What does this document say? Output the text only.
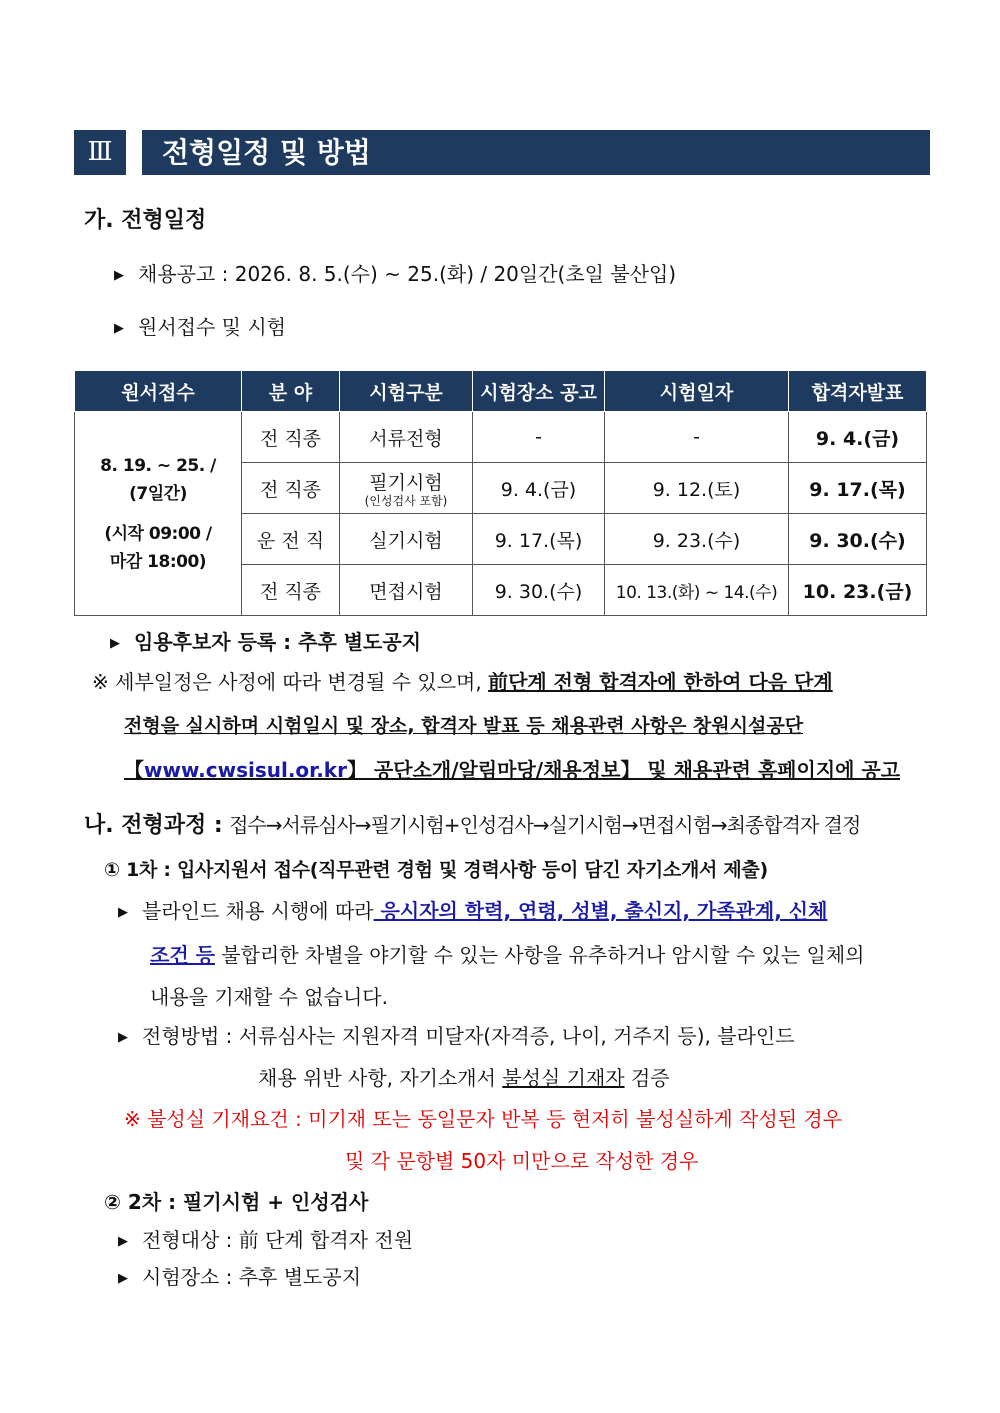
Ⅲ	전형일정 및 방법
가. 전형일정
▶ 채용공고 : 2026. 8. 5.(수) ~ 25.(화) / 20일간(초일 불산입)
▶ 원서접수 및 시험
원서접수	분 야	시험구분	시험장소 공고	시험일자	합격자발표

8. 19. ~ 25. /
(7일간)
(시작 09:00 /
마감 18:00)	전 직종	서류전형	-	-	9. 4.(금)
	전 직종	필기시험
(인성검사 포함)	9. 4.(금)	9. 12.(토)	9. 17.(목)
	운 전 직	실기시험	9. 17.(목)	9. 23.(수)	9. 30.(수)
	전 직종	면접시험	9. 30.(수)	10. 13.(화) ~ 14.(수)	10. 23.(금)
▶ 임용후보자 등록 : 추후 별도공지
※ 세부일정은 사정에 따라 변경될 수 있으며, 前단계 전형 합격자에 한하여 다음 단계
전형을 실시하며 시험일시 및 장소, 합격자 발표 등 채용관련 사항은 창원시설공단
【www.cwsisul.or.kr】 공단소개/알림마당/채용정보】 및 채용관련 홈페이지에 공고
나. 전형과정 : 접수→서류심사→필기시험+인성검사→실기시험→면접시험→최종합격자 결정
① 1차 : 입사지원서 접수(직무관련 경험 및 경력사항 등이 담긴 자기소개서 제출)
▶ 블라인드 채용 시행에 따라 응시자의 학력, 연령, 성별, 출신지, 가족관계, 신체
조건 등 불합리한 차별을 야기할 수 있는 사항을 유추하거나 암시할 수 있는 일체의
내용을 기재할 수 없습니다.
▶ 전형방법 : 서류심사는 지원자격 미달자(자격증, 나이, 거주지 등), 블라인드
채용 위반 사항, 자기소개서 불성실 기재자 검증
※ 불성실 기재요건 : 미기재 또는 동일문자 반복 등 현저히 불성실하게 작성된 경우
및 각 문항별 50자 미만으로 작성한 경우
② 2차 : 필기시험 + 인성검사
▶ 전형대상 : 前 단계 합격자 전원
▶ 시험장소 : 추후 별도공지
